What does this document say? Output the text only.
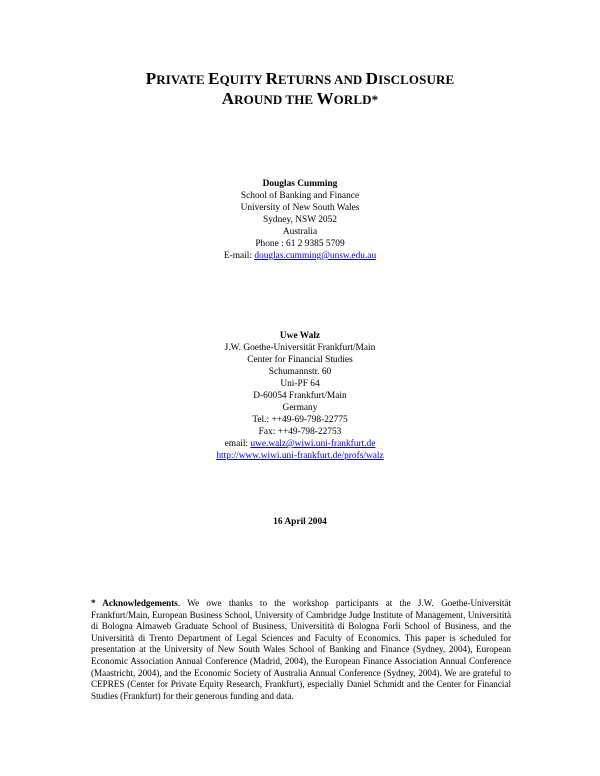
PRIVATE EQUITY RETURNS AND DISCLOSURE
AROUND THE WORLD*
Douglas Cumming
School of Banking and Finance
University of New South Wales
Sydney, NSW 2052
Australia
Phone : 61 2 9385 5709
E-mail: douglas.cumming@unsw.edu.au
Uwe Walz
J.W. Goethe-Universität Frankfurt/Main
Center for Financial Studies
Schumannstr. 60
Uni-PF 64
D-60054 Frankfurt/Main
Germany
Tel.: ++49-69-798-22775
Fax: ++49-798-22753
email: uwe.walz@wiwi.uni-frankfurt.de
http://www.wiwi.uni-frankfurt.de/profs/walz
16 April 2004
* Acknowledgements. We owe thanks to the workshop participants at the J.W. Goethe-Universität Frankfurt/Main, European Business School, University of Cambridge Judge Institute of Management, Universitità di Bologna Almaweb Graduate School of Business, Universitità di Bologna Forli School of Business, and the Universitità di Trento Department of Legal Sciences and Faculty of Economics. This paper is scheduled for presentation at the University of New South Wales School of Banking and Finance (Sydney, 2004), European Economic Association Annual Conference (Madrid, 2004), the European Finance Association Annual Conference (Maastricht, 2004), and the Economic Society of Australia Annual Conference (Sydney, 2004). We are grateful to CEPRES (Center for Private Equity Research, Frankfurt), especially Daniel Schmidt and the Center for Financial Studies (Frankfurt) for their generous funding and data.
